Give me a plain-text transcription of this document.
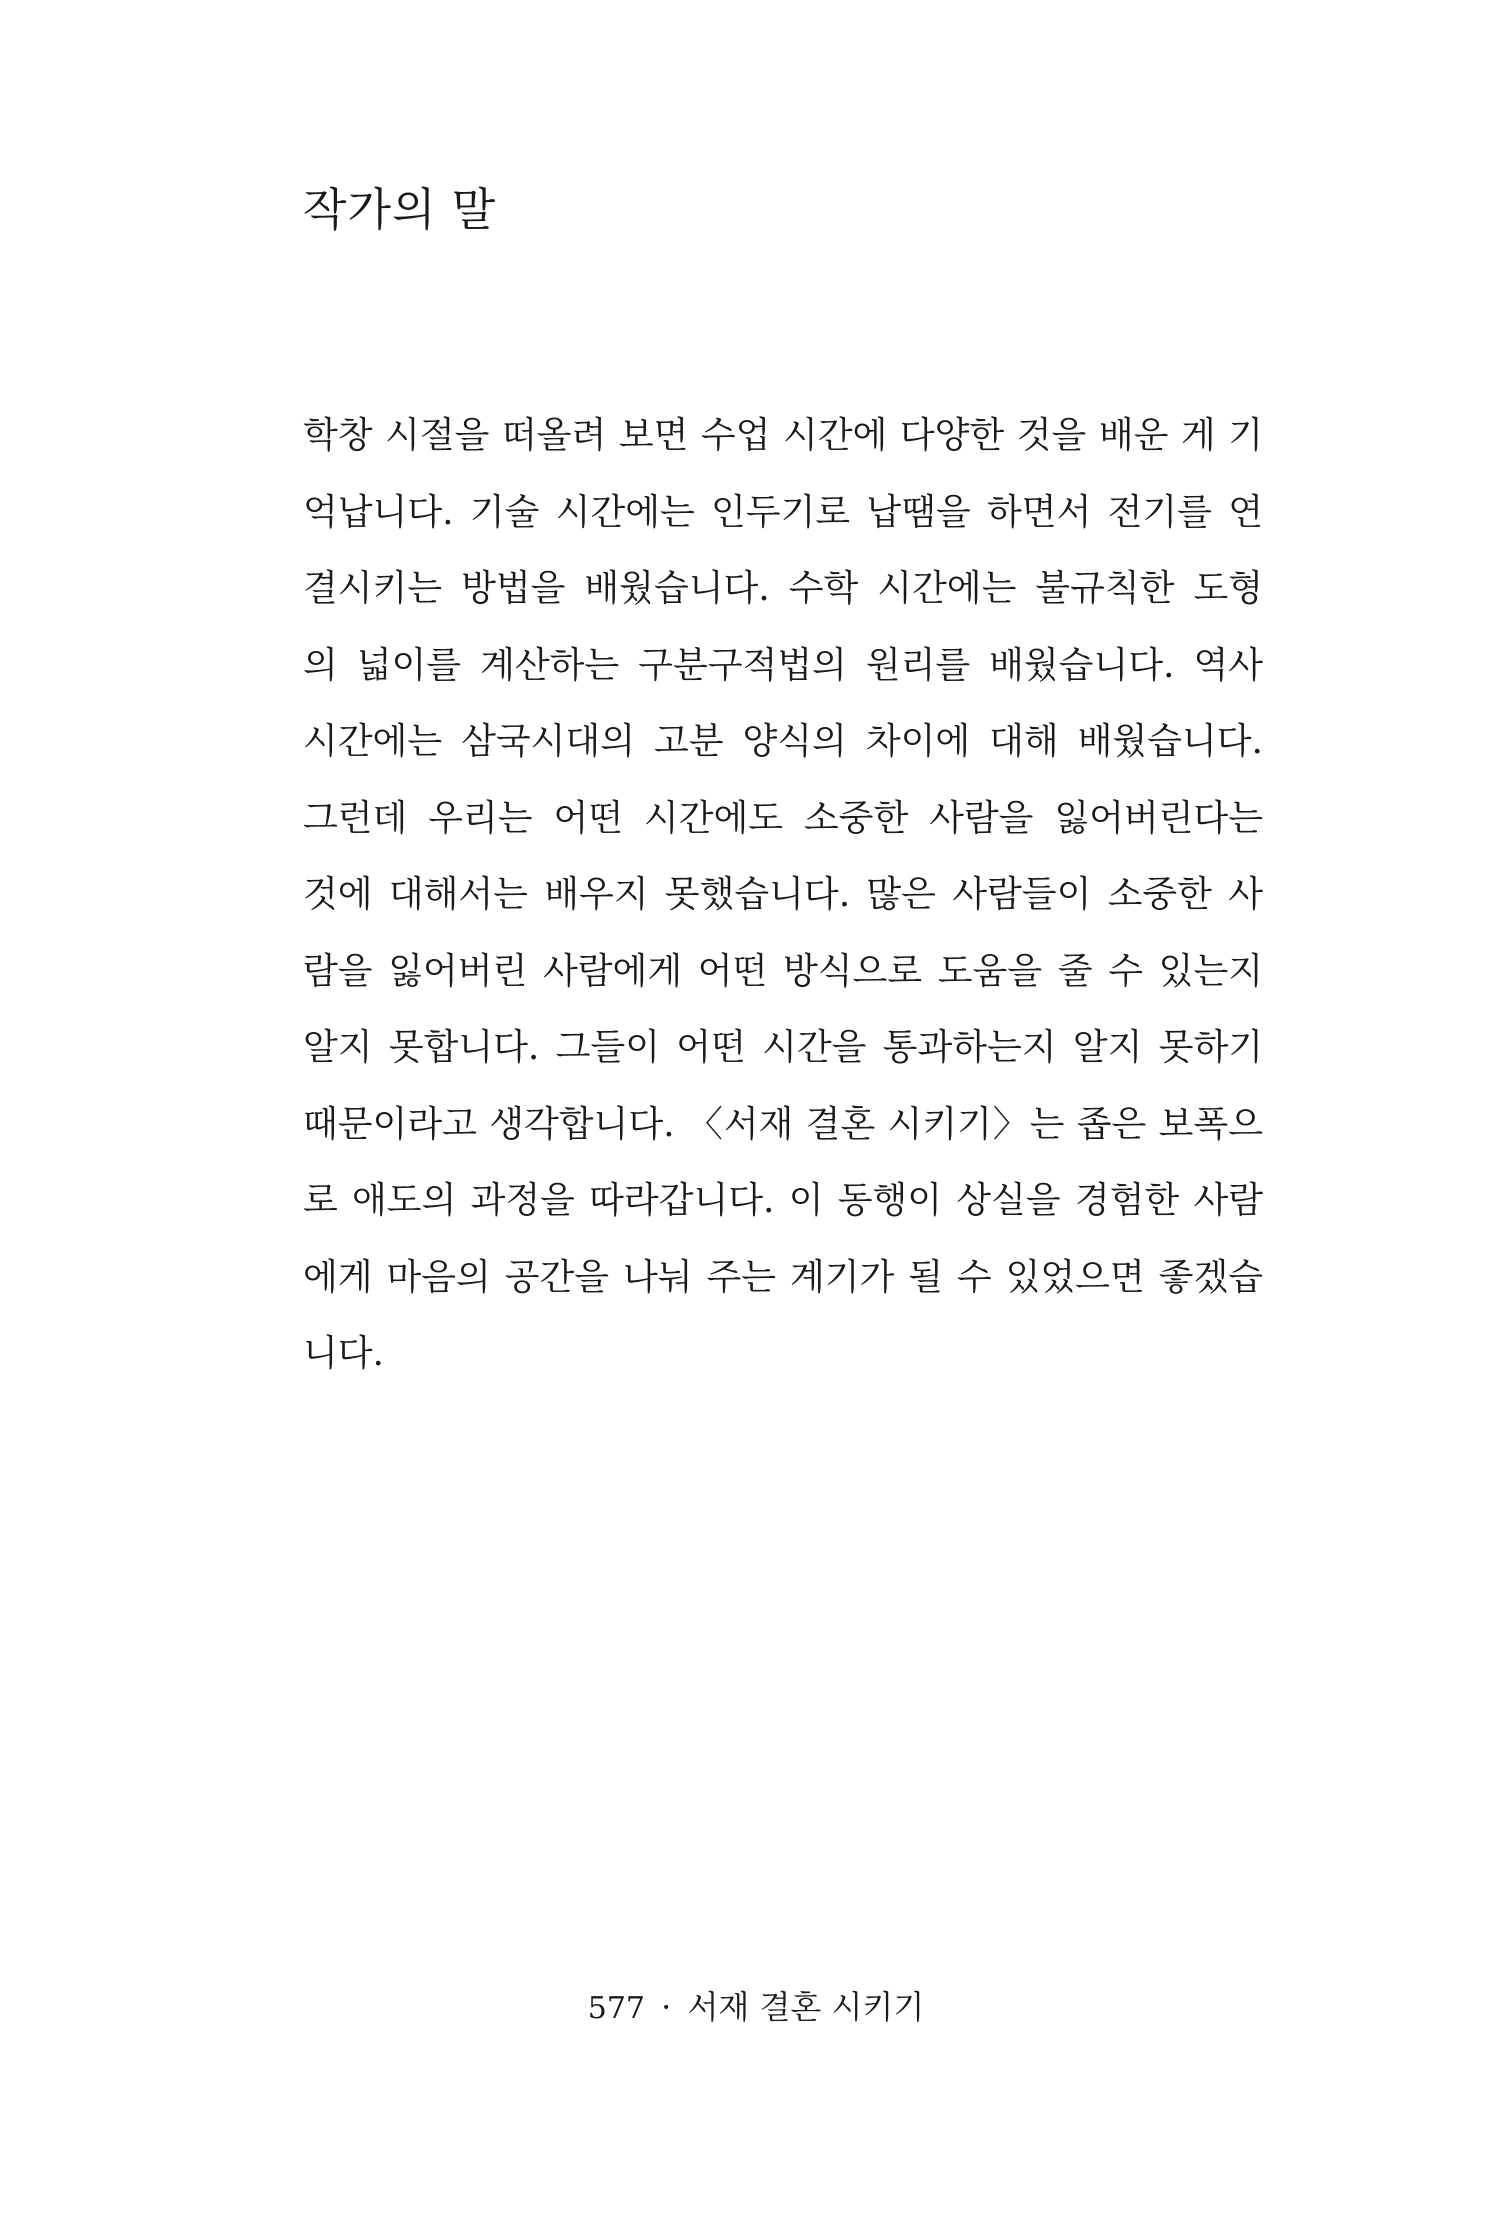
작가의 말
학창 시절을 떠올려 보면 수업 시간에 다양한 것을 배운 게 기
억납니다. 기술 시간에는 인두기로 납땜을 하면서 전기를 연
결시키는 방법을 배웠습니다. 수학 시간에는 불규칙한 도형
의 넓이를 계산하는 구분구적법의 원리를 배웠습니다. 역사
시간에는 삼국시대의 고분 양식의 차이에 대해 배웠습니다.
그런데 우리는 어떤 시간에도 소중한 사람을 잃어버린다는
것에 대해서는 배우지 못했습니다. 많은 사람들이 소중한 사
람을 잃어버린 사람에게 어떤 방식으로 도움을 줄 수 있는지
알지 못합니다. 그들이 어떤 시간을 통과하는지 알지 못하기
때문이라고 생각합니다. 〈서재 결혼 시키기〉는 좁은 보폭으
로 애도의 과정을 따라갑니다. 이 동행이 상실을 경험한 사람
에게 마음의 공간을 나눠 주는 계기가 될 수 있었으면 좋겠습
니다.
577 · 서재 결혼 시키기
